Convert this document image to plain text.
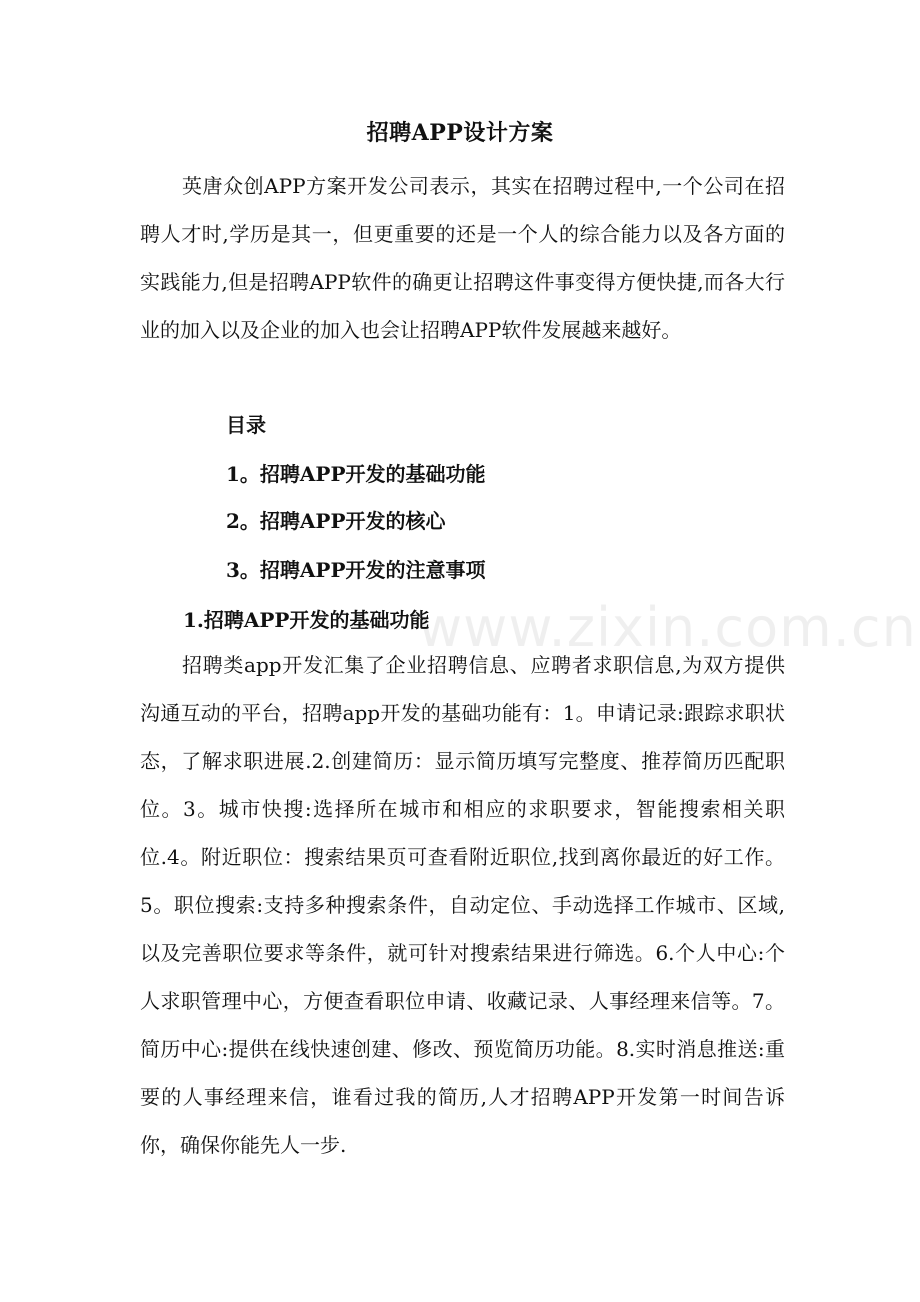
招聘APP设计方案

英唐众创APP方案开发公司表示，其实在招聘过程中,一个公司在招聘人才时,学历是其一，但更重要的还是一个人的综合能力以及各方面的实践能力,但是招聘APP软件的确更让招聘这件事变得方便快捷,而各大行业的加入以及企业的加入也会让招聘APP软件发展越来越好。

目录
1。招聘APP开发的基础功能
2。招聘APP开发的核心
3。招聘APP开发的注意事项
1.招聘APP开发的基础功能

招聘类app开发汇集了企业招聘信息、应聘者求职信息,为双方提供沟通互动的平台，招聘app开发的基础功能有：1。申请记录:跟踪求职状态，了解求职进展.2.创建简历：显示简历填写完整度、推荐简历匹配职位。3。城市快搜:选择所在城市和相应的求职要求，智能搜索相关职位.4。附近职位：搜索结果页可查看附近职位,找到离你最近的好工作。5。职位搜索:支持多种搜索条件，自动定位、手动选择工作城市、区域,以及完善职位要求等条件，就可针对搜索结果进行筛选。6.个人中心:个人求职管理中心，方便查看职位申请、收藏记录、人事经理来信等。7。简历中心:提供在线快速创建、修改、预览简历功能。8.实时消息推送:重要的人事经理来信，谁看过我的简历,人才招聘APP开发第一时间告诉你，确保你能先人一步.

www.zixin.com.cn
